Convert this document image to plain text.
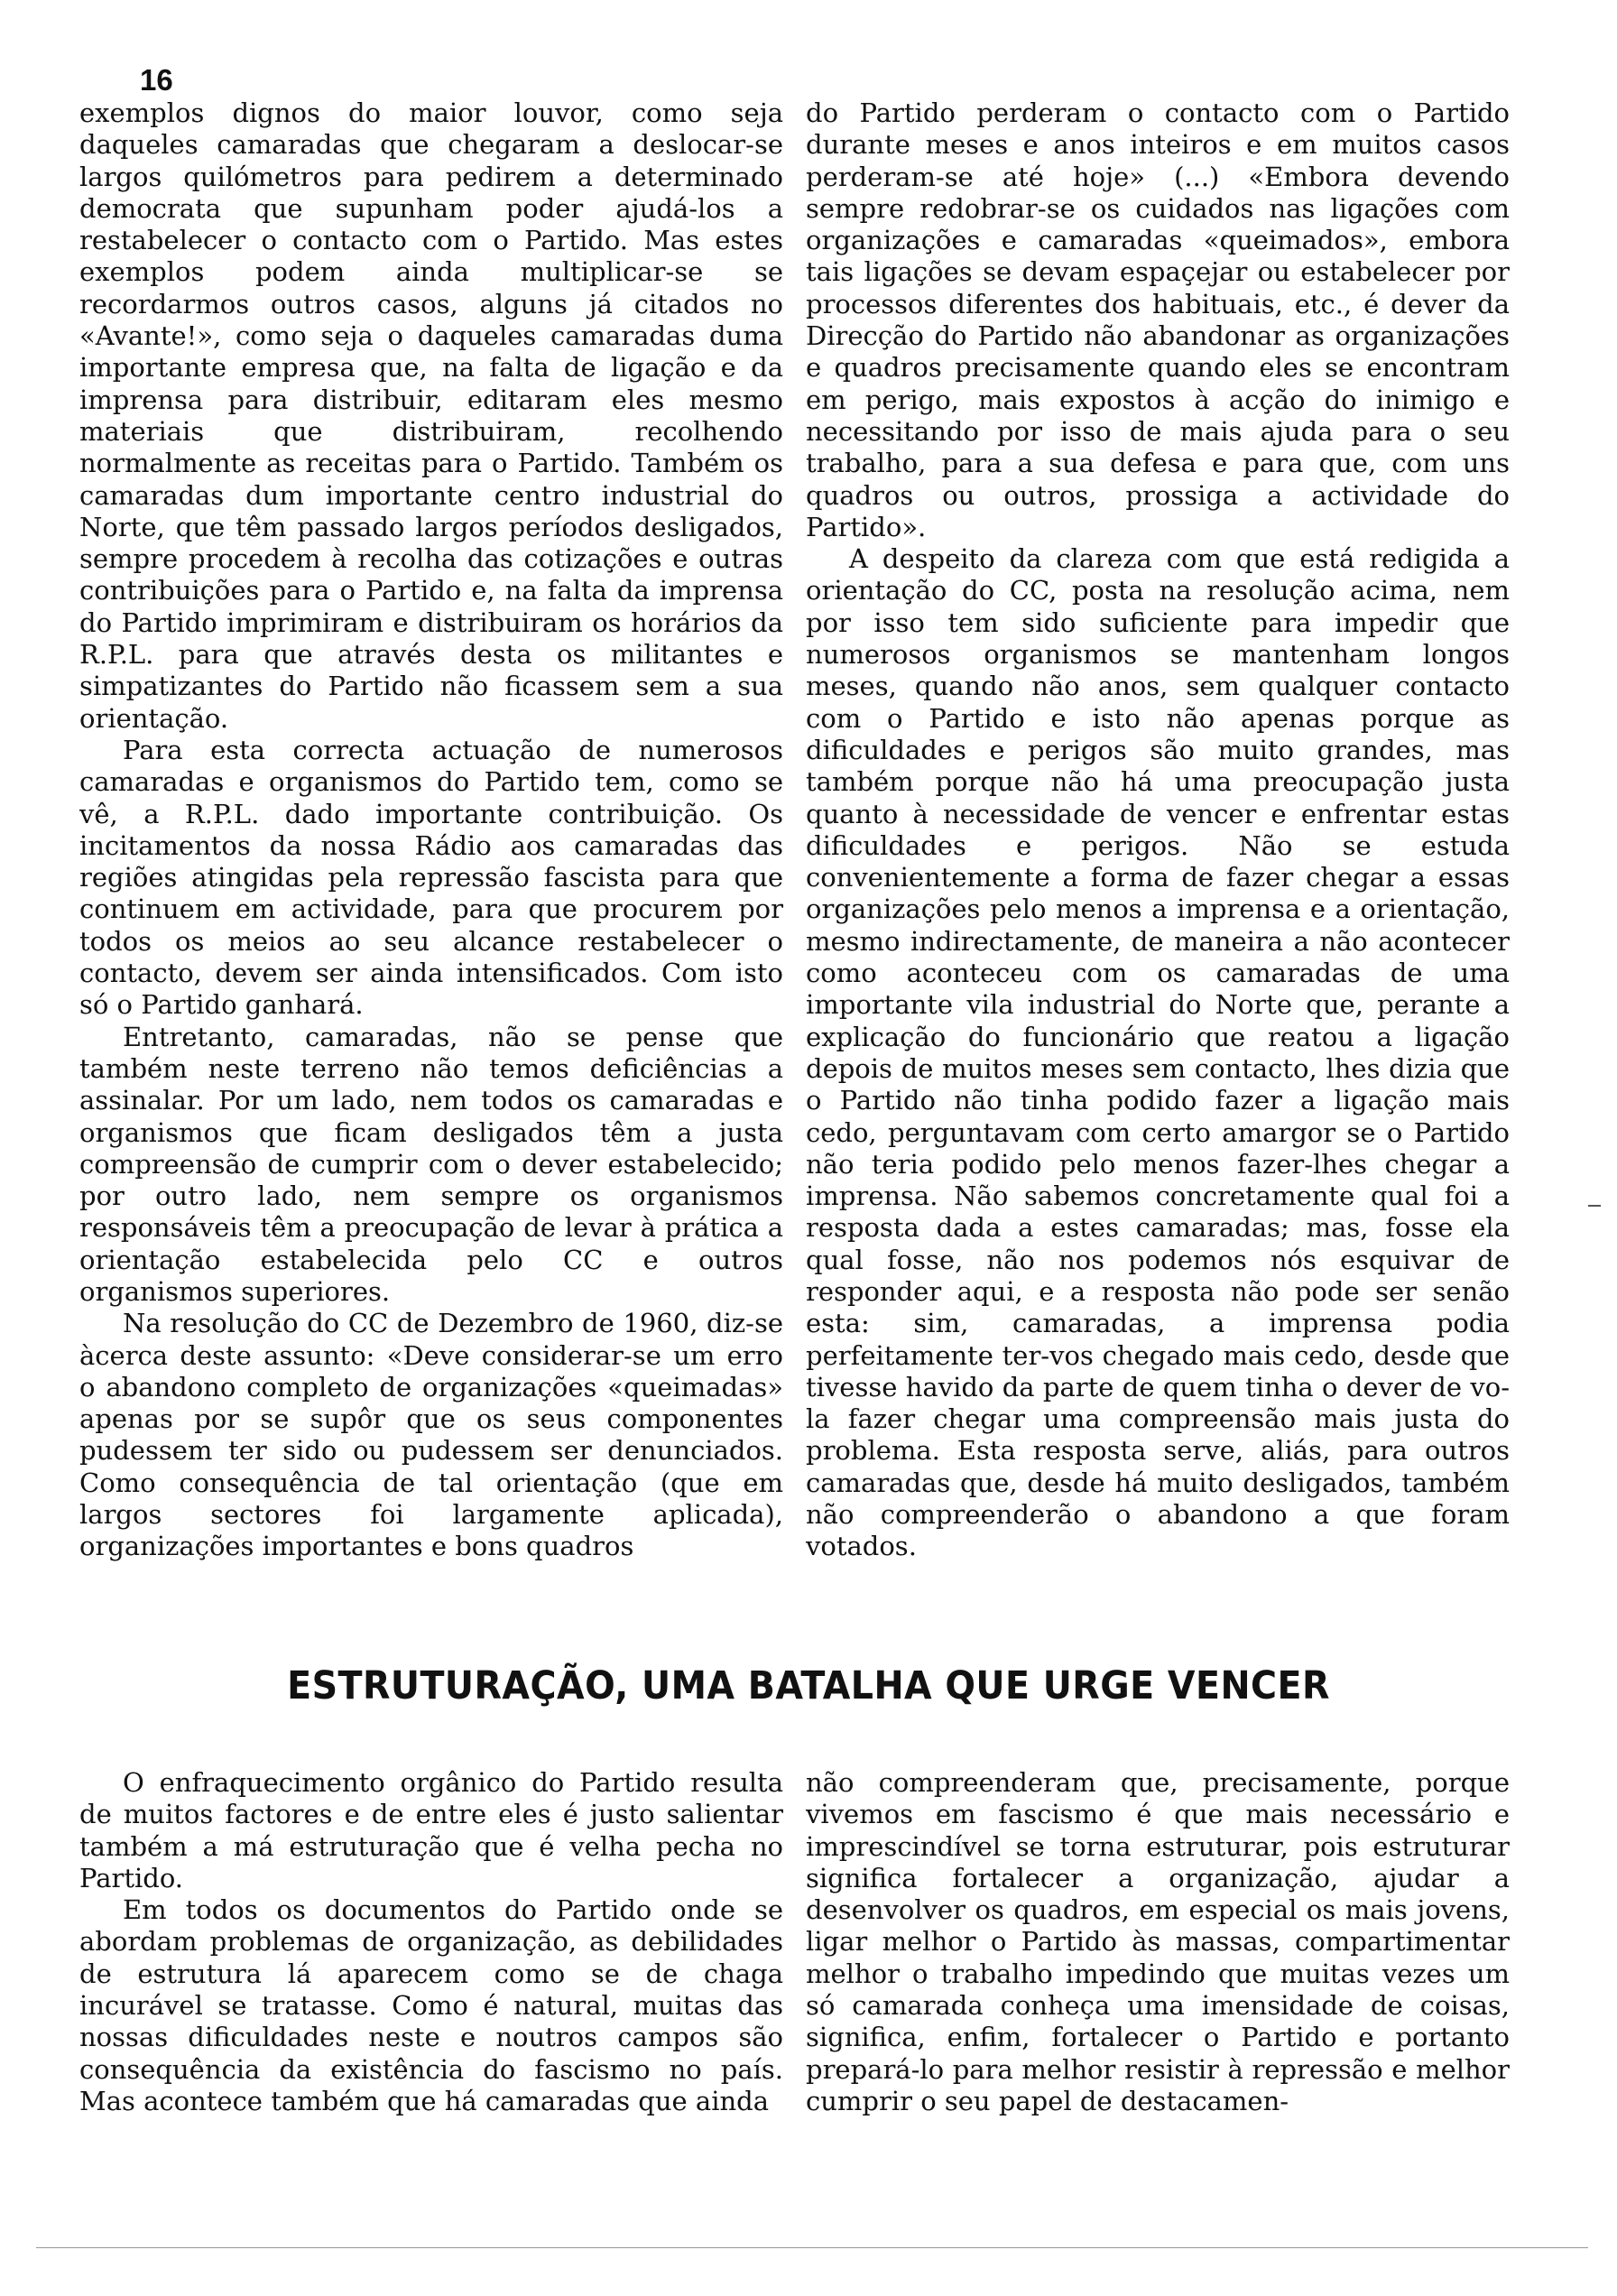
16

exemplos dignos do maior louvor, como seja daqueles camaradas que chegaram a deslocar-se largos quilómetros para pedirem a determinado democrata que supunham poder ajudá-los a restabelecer o contacto com o Partido. Mas estes exemplos podem ainda multiplicar-se se recordarmos outros casos, alguns já citados no «Avante!», como seja o daqueles camaradas duma importante empresa que, na falta de ligação e da imprensa para distribuir, editaram eles mesmo materiais que distribuiram, recolhendo normalmente as receitas para o Partido. Também os camaradas dum importante centro industrial do Norte, que têm passado largos períodos desligados, sempre procedem à recolha das cotizações e outras contribuições para o Partido e, na falta da imprensa do Partido imprimiram e distribuiram os horários da R.P.L. para que através desta os militantes e simpatizantes do Partido não ficassem sem a sua orientação.

Para esta correcta actuação de numerosos camaradas e organismos do Partido tem, como se vê, a R.P.L. dado importante contribuição. Os incitamentos da nossa Rádio aos camaradas das regiões atingidas pela repressão fascista para que continuem em actividade, para que procurem por todos os meios ao seu alcance restabelecer o contacto, devem ser ainda intensificados. Com isto só o Partido ganhará.

Entretanto, camaradas, não se pense que também neste terreno não temos deficiências a assinalar. Por um lado, nem todos os camaradas e organismos que ficam desligados têm a justa compreensão de cumprir com o dever estabelecido; por outro lado, nem sempre os organismos responsáveis têm a preocupação de levar à prática a orientação estabelecida pelo CC e outros organismos superiores.

Na resolução do CC de Dezembro de 1960, diz-se àcerca deste assunto: «Deve considerar-se um erro o abandono completo de organizações «queimadas» apenas por se supôr que os seus componentes pudessem ter sido ou pudessem ser denunciados. Como consequência de tal orientação (que em largos sectores foi largamente aplicada), organizações importantes e bons quadros

do Partido perderam o contacto com o Partido durante meses e anos inteiros e em muitos casos perderam-se até hoje» (...) «Embora devendo sempre redobrar-se os cuidados nas ligações com organizações e camaradas «queimados», embora tais ligações se devam espaçejar ou estabelecer por processos diferentes dos habituais, etc., é dever da Direcção do Partido não abandonar as organizações e quadros precisamente quando eles se encontram em perigo, mais expostos à acção do inimigo e necessitando por isso de mais ajuda para o seu trabalho, para a sua defesa e para que, com uns quadros ou outros, prossiga a actividade do Partido».

A despeito da clareza com que está redigida a orientação do CC, posta na resolução acima, nem por isso tem sido suficiente para impedir que numerosos organismos se mantenham longos meses, quando não anos, sem qualquer contacto com o Partido e isto não apenas porque as dificuldades e perigos são muito grandes, mas também porque não há uma preocupação justa quanto à necessidade de vencer e enfrentar estas dificuldades e perigos. Não se estuda convenientemente a forma de fazer chegar a essas organizações pelo menos a imprensa e a orientação, mesmo indirectamente, de maneira a não acontecer como aconteceu com os camaradas de uma importante vila industrial do Norte que, perante a explicação do funcionário que reatou a ligação depois de muitos meses sem contacto, lhes dizia que o Partido não tinha podido fazer a ligação mais cedo, perguntavam com certo amargor se o Partido não teria podido pelo menos fazer-lhes chegar a imprensa. Não sabemos concretamente qual foi a resposta dada a estes camaradas; mas, fosse ela qual fosse, não nos podemos nós esquivar de responder aqui, e a resposta não pode ser senão esta: sim, camaradas, a imprensa podia perfeitamente ter-vos chegado mais cedo, desde que tivesse havido da parte de quem tinha o dever de vo-la fazer chegar uma compreensão mais justa do problema. Esta resposta serve, aliás, para outros camaradas que, desde há muito desligados, também não compreenderão o abandono a que foram votados.

ESTRUTURAÇÃO, UMA BATALHA QUE URGE VENCER

O enfraquecimento orgânico do Partido resulta de muitos factores e de entre eles é justo salientar também a má estruturação que é velha pecha no Partido.

Em todos os documentos do Partido onde se abordam problemas de organização, as debilidades de estrutura lá aparecem como se de chaga incurável se tratasse. Como é natural, muitas das nossas dificuldades neste e noutros campos são consequência da existência do fascismo no país. Mas acontece também que há camaradas que ainda

não compreenderam que, precisamente, porque vivemos em fascismo é que mais necessário e imprescindível se torna estruturar, pois estruturar significa fortalecer a organização, ajudar a desenvolver os quadros, em especial os mais jovens, ligar melhor o Partido às massas, compartimentar melhor o trabalho impedindo que muitas vezes um só camarada conheça uma imensidade de coisas, significa, enfim, fortalecer o Partido e portanto prepará-lo para melhor resistir à repressão e melhor cumprir o seu papel de destacamen-
